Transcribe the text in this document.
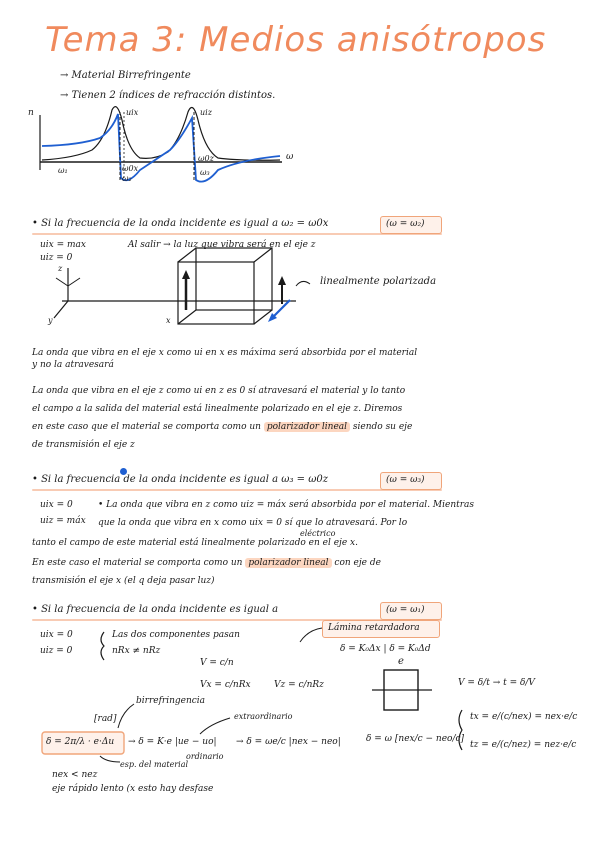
Tema 3: Medios anisótropos
→ Material Birrefringente
→ Tienen 2 índices de refracción distintos.
n
ω
uix	uiz
ω₁	ω0x
ω₂
ω0z
ω₃
• Si la frecuencia de la onda incidente es igual a ω₂ = ω0x	(ω = ω₂)
uix = max
uiz = 0
Al salir → la luz que vibra será en el eje z
linealmente polarizada
z
y	x
La onda que vibra en el eje x como ui en x es máxima será absorbida por el material
y no la atravesará
La onda que vibra en el eje z como ui en z es 0 sí atravesará el material y lo tanto
el campo a la salida del material está linealmente polarizado en el eje z. Diremos
en este caso que el material se comporta como un polarizador lineal siendo su eje
de transmisión el eje z
• Si la frecuencia de la onda incidente es igual a ω₃ = ω0z	(ω = ω₃)
uix = 0
uiz = máx
• La onda que vibra en z como uiz = máx será absorbida por el material. Mientras
que la onda que vibra en x como uix = 0 sí que lo atravesará. Por lo
eléctrico
tanto el campo de este material está linealmente polarizado en el eje x.
En este caso el material se comporta como un polarizador lineal con eje de
transmisión el eje x (el q deja pasar luz)
• Si la frecuencia de la onda incidente es igual a	(ω = ω₁)
uix = 0
uiz = 0
Las dos componentes pasan
nRx ≠ nRz
Lámina retardadora
δ = K₀Δx | δ = K₀Δd
V = c/n
Vx = c/nRx	Vz = c/nRz
e
V = δ/t → t = δ/V
birrefringencia
[rad]	extraordinario
δ = 2π/λ · e·Δu → δ = K·e |ue − uo| → δ = ωe/c |nex − neo|
ordinario
esp. del material
δ = ω [nex/c − neo/c]
tx = e/(c/nex) = nex·e/c
tz = e/(c/nez) = nez·e/c
nex < nez
eje rápido lento (x esto hay desfase
